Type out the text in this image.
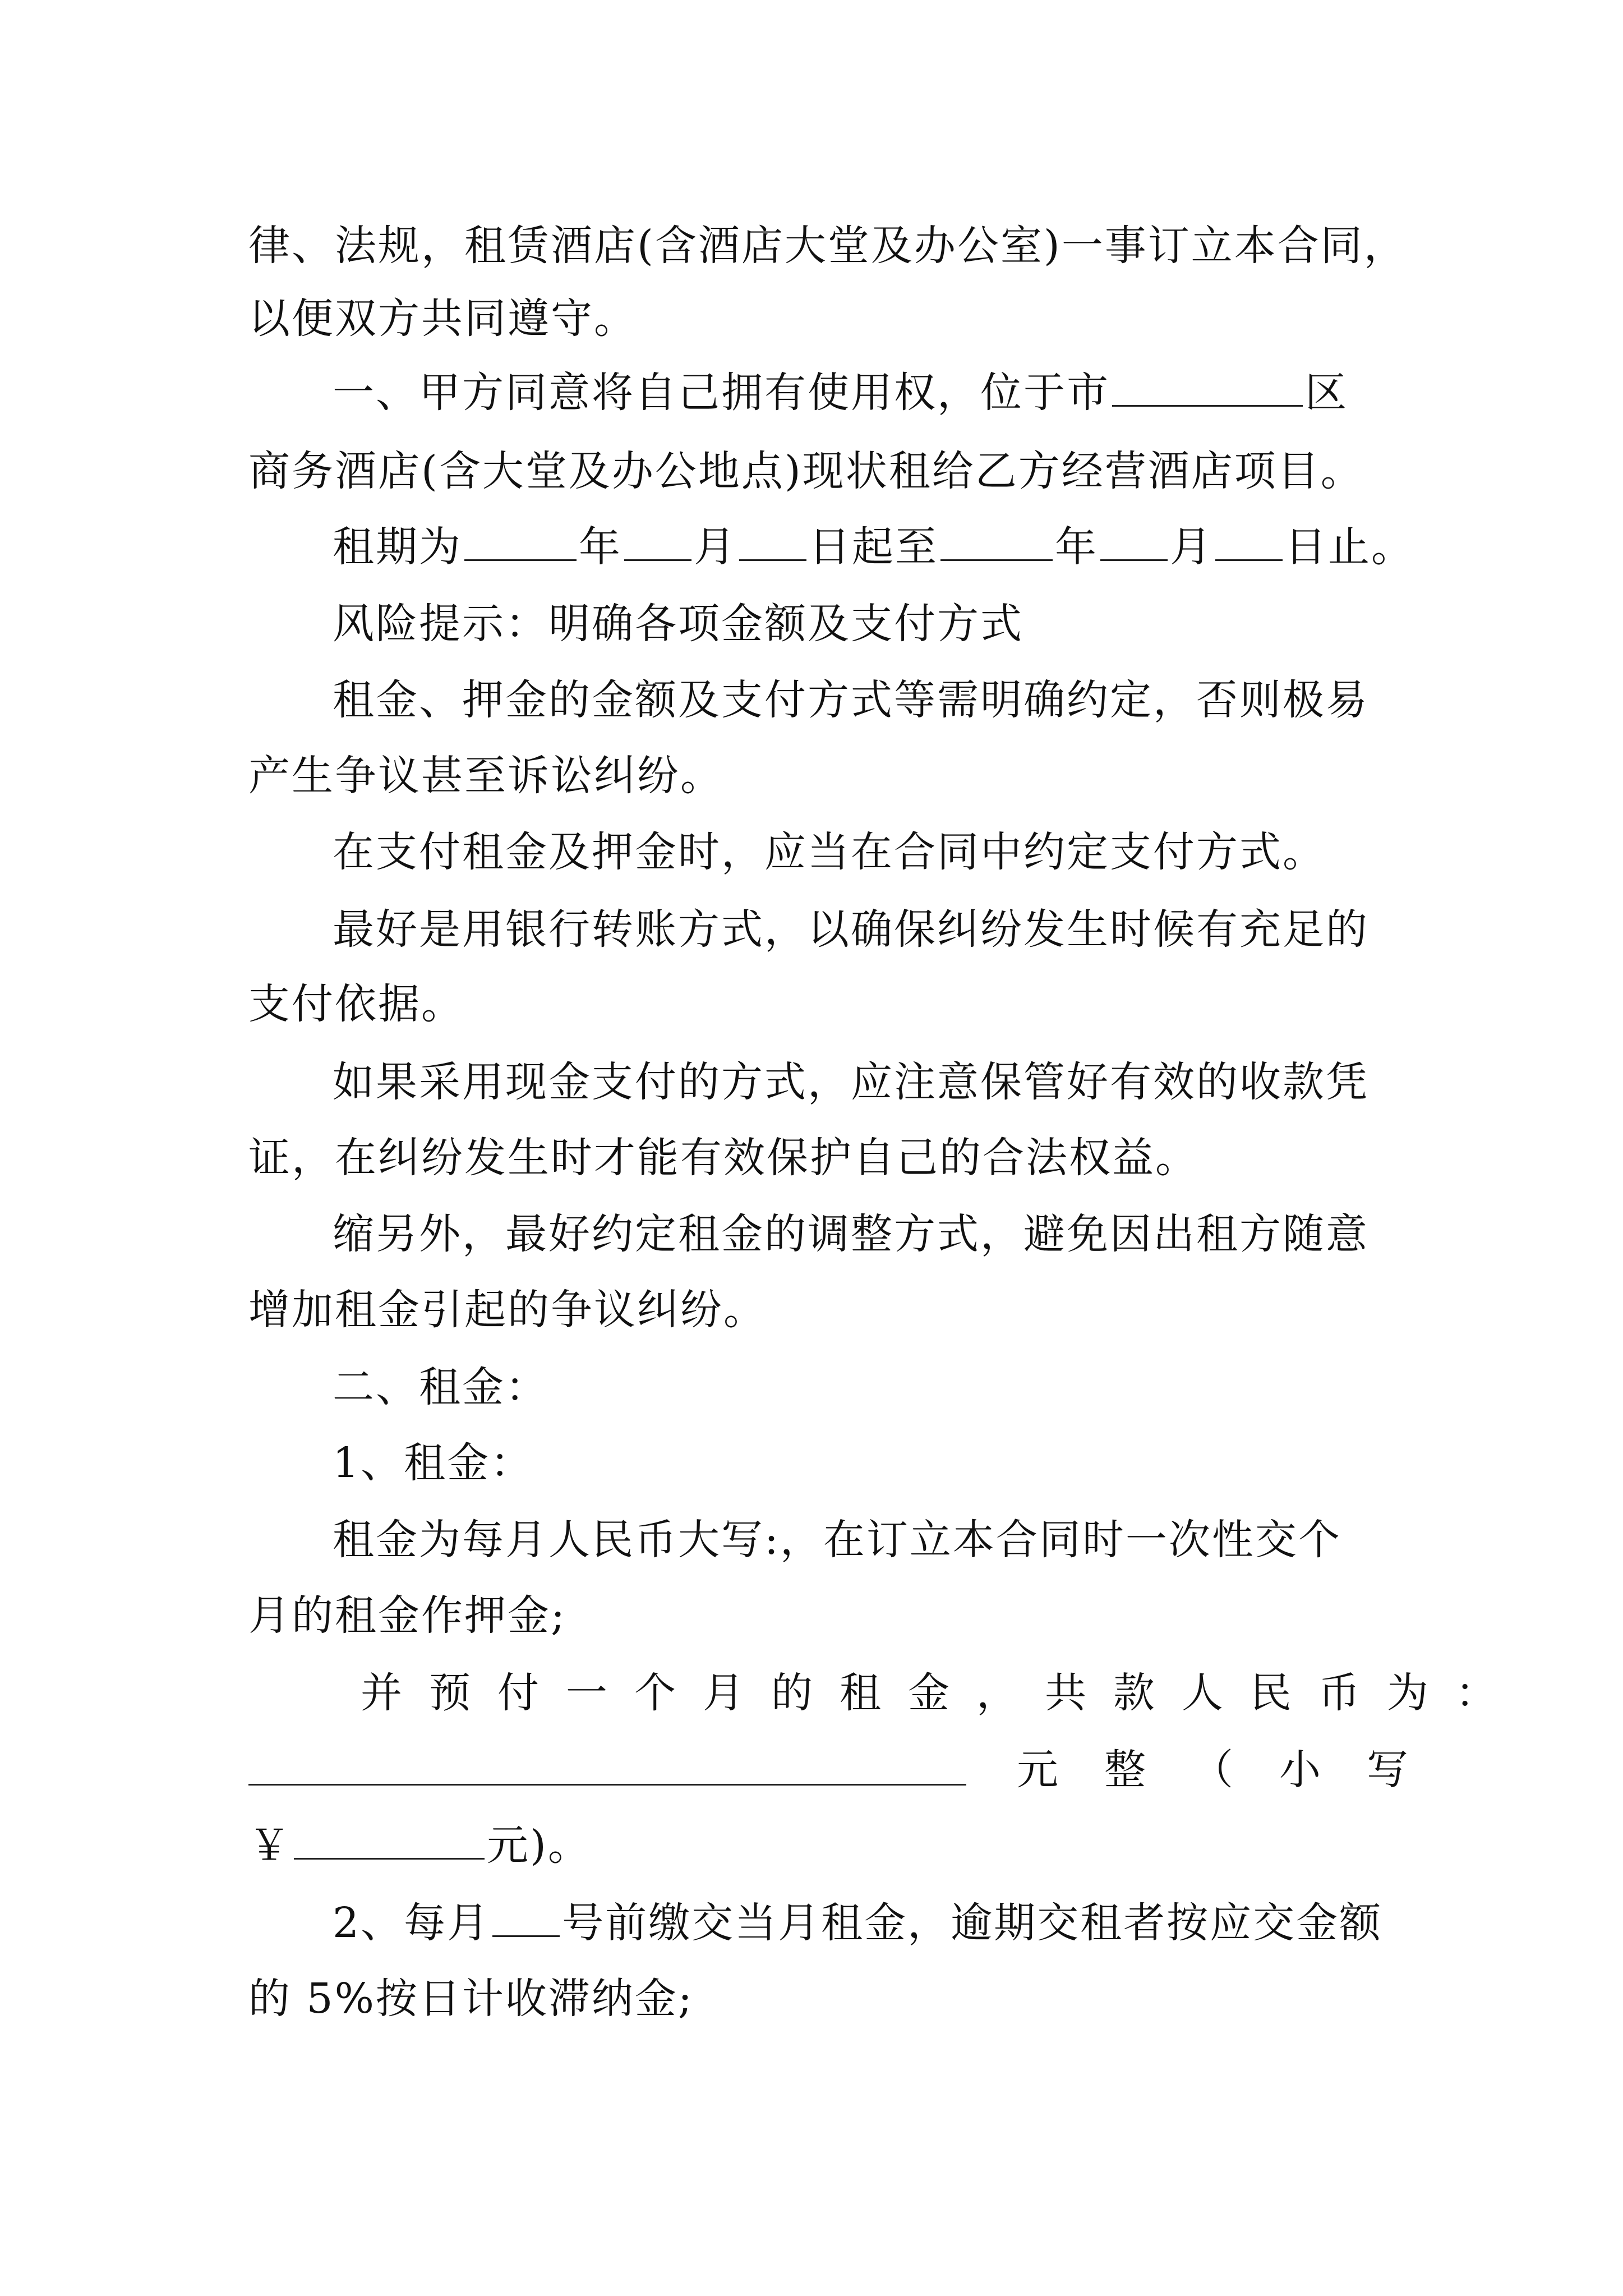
律、法规，租赁酒店(含酒店大堂及办公室)一事订立本合同，
以便双方共同遵守。
一、甲方同意将自己拥有使用权，位于市	区
商务酒店(含大堂及办公地点)现状租给乙方经营酒店项目。
租期为	年 月 日起至	年 月 日止。
风险提示：明确各项金额及支付方式
租金、押金的金额及支付方式等需明确约定，否则极易
产生争议甚至诉讼纠纷。
在支付租金及押金时，应当在合同中约定支付方式。
最好是用银行转账方式，以确保纠纷发生时候有充足的
支付依据。
如果采用现金支付的方式，应注意保管好有效的收款凭
证，在纠纷发生时才能有效保护自己的合法权益。
缩另外，最好约定租金的调整方式，避免因出租方随意
增加租金引起的争议纠纷。
二、租金：
1、租金：
租金为每月人民币大写:，在订立本合同时一次性交个
月的租金作押金;
并预付一个月的租金，共款人民币为：
元整（小写
￥	元)。
2、每月 号前缴交当月租金，逾期交租者按应交金额
的 5%按日计收滞纳金;
